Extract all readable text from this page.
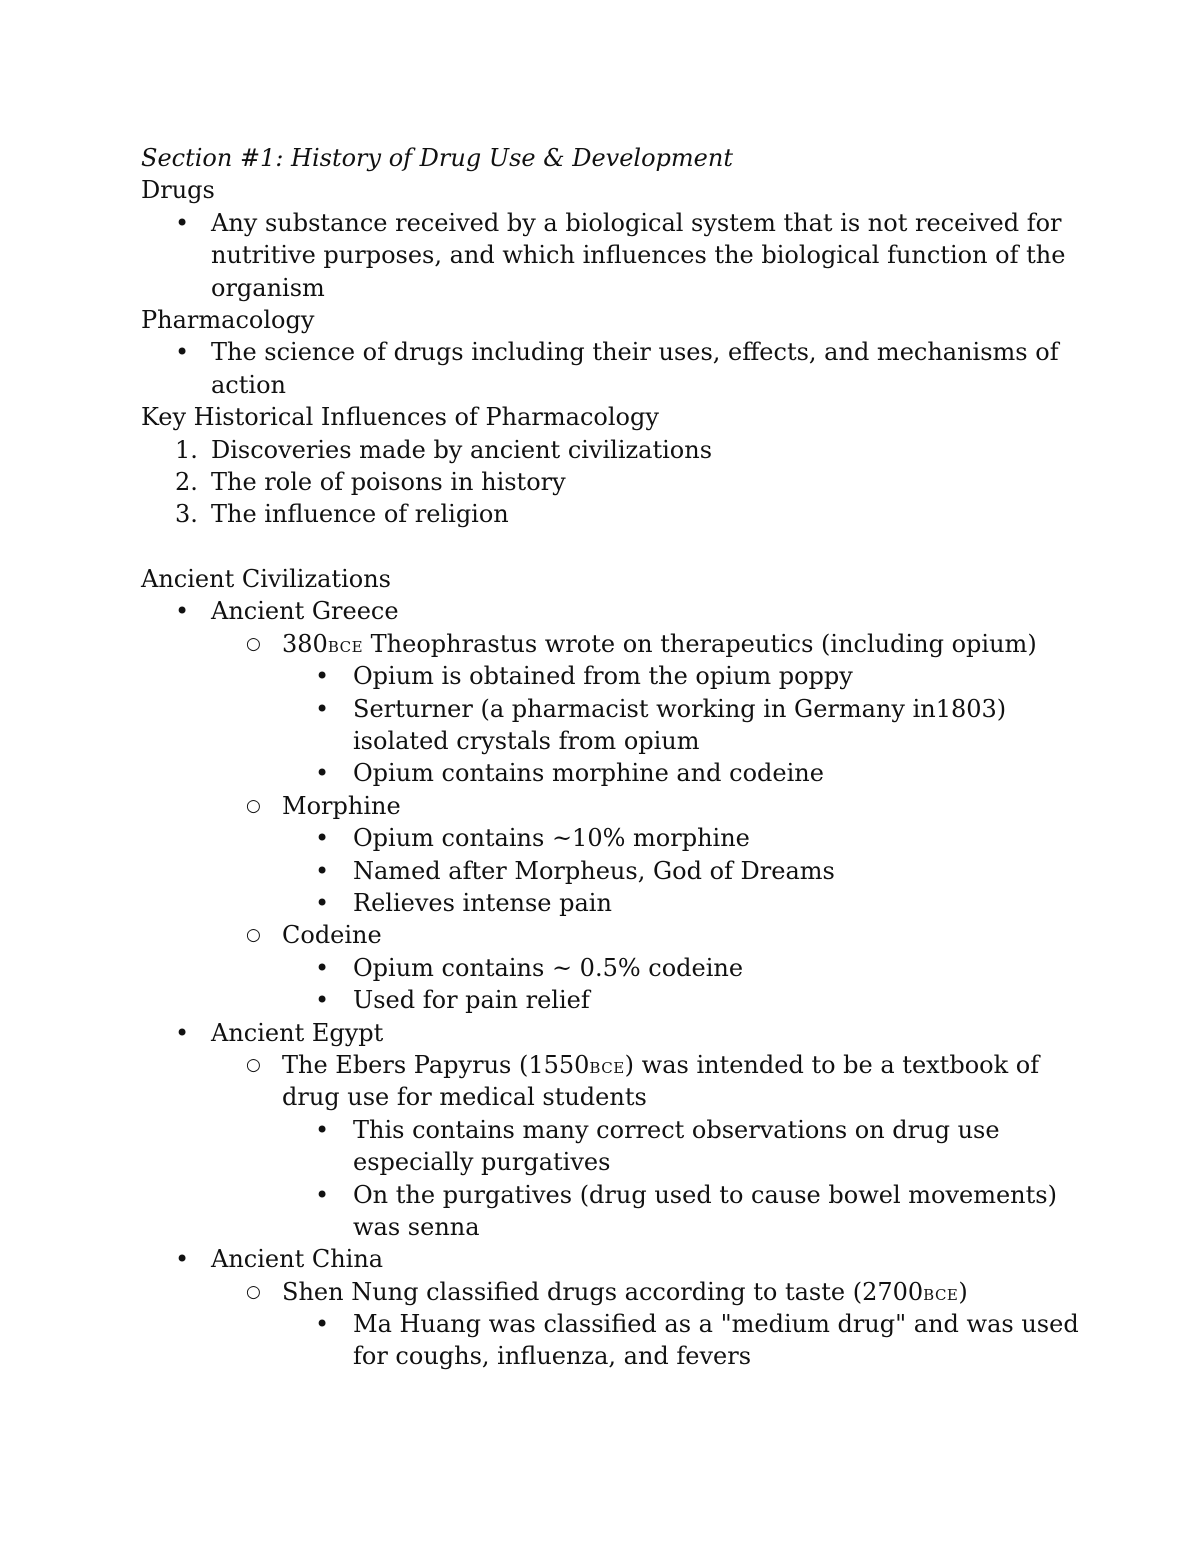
Section #1: History of Drug Use & Development
Drugs
• Any substance received by a biological system that is not received for
nutritive purposes, and which influences the biological function of the
organism
Pharmacology
• The science of drugs including their uses, effects, and mechanisms of
action
Key Historical Influences of Pharmacology
1. Discoveries made by ancient civilizations
2. The role of poisons in history
3. The influence of religion
Ancient Civilizations
• Ancient Greece
○ 380BCE Theophrastus wrote on therapeutics (including opium)
• Opium is obtained from the opium poppy
• Serturner (a pharmacist working in Germany in1803)
isolated crystals from opium
• Opium contains morphine and codeine
○ Morphine
• Opium contains ~10% morphine
• Named after Morpheus, God of Dreams
• Relieves intense pain
○ Codeine
• Opium contains ~ 0.5% codeine
• Used for pain relief
• Ancient Egypt
○ The Ebers Papyrus (1550BCE) was intended to be a textbook of
drug use for medical students
• This contains many correct observations on drug use
especially purgatives
• On the purgatives (drug used to cause bowel movements)
was senna
• Ancient China
○ Shen Nung classified drugs according to taste (2700BCE)
• Ma Huang was classified as a "medium drug" and was used
for coughs, influenza, and fevers
